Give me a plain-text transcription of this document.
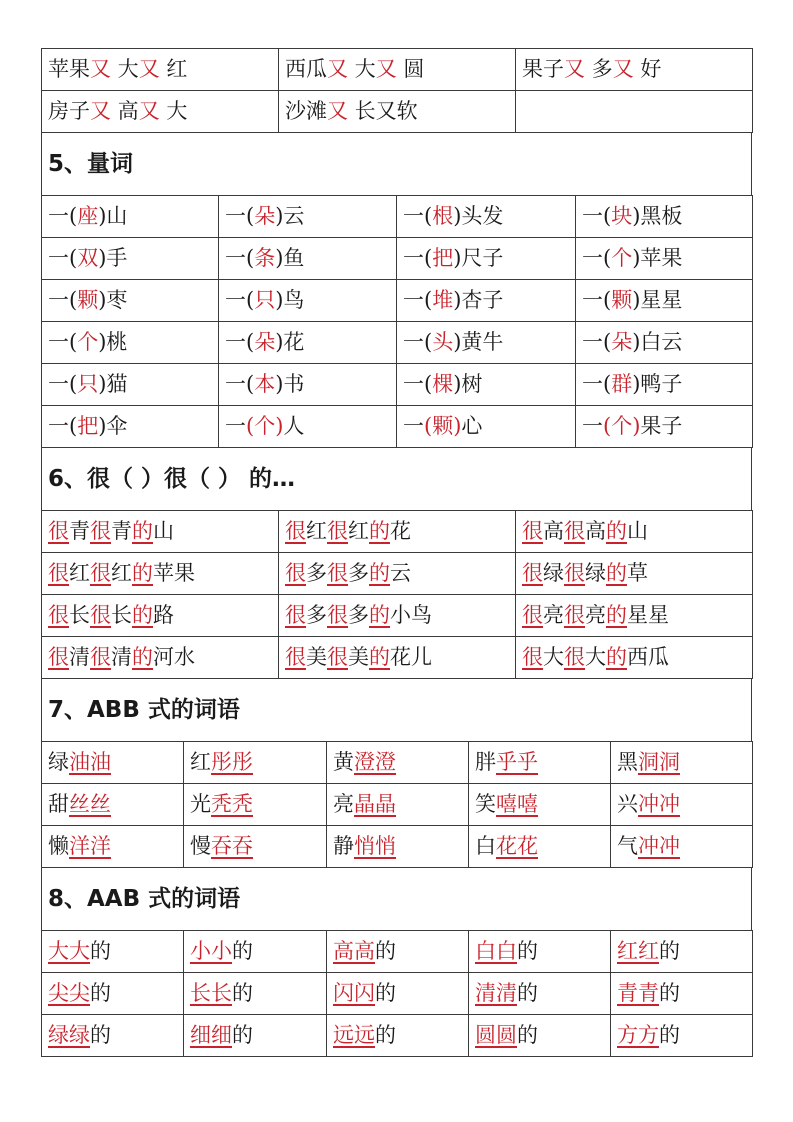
苹果又 大又 红	西瓜又 大又 圆	果子又 多又 好
房子又 高又 大	沙滩又 长又软	
5、量词
一(座)山	一(朵)云	一(根)头发	一(块)黑板
一(双)手	一(条)鱼	一(把)尺子	一(个)苹果
一(颗)枣	一(只)鸟	一(堆)杏子	一(颗)星星
一(个)桃	一(朵)花	一(头)黄牛	一(朵)白云
一(只)猫	一(本)书	一(棵)树	一(群)鸭子
一(把)伞	一(个)人	一(颗)心	一(个)果子
6、很（ ）很（ ） 的…
很青很青的山	很红很红的花	很高很高的山
很红很红的苹果	很多很多的云	很绿很绿的草
很长很长的路	很多很多的小鸟	很亮很亮的星星
很清很清的河水	很美很美的花儿	很大很大的西瓜
7、ABB 式的词语
绿油油	红彤彤	黄澄澄	胖乎乎	黑洞洞
甜丝丝	光秃秃	亮晶晶	笑嘻嘻	兴冲冲
懒洋洋	慢吞吞	静悄悄	白花花	气冲冲
8、AAB 式的词语
大大的	小小的	高高的	白白的	红红的
尖尖的	长长的	闪闪的	清清的	青青的
绿绿的	细细的	远远的	圆圆的	方方的
